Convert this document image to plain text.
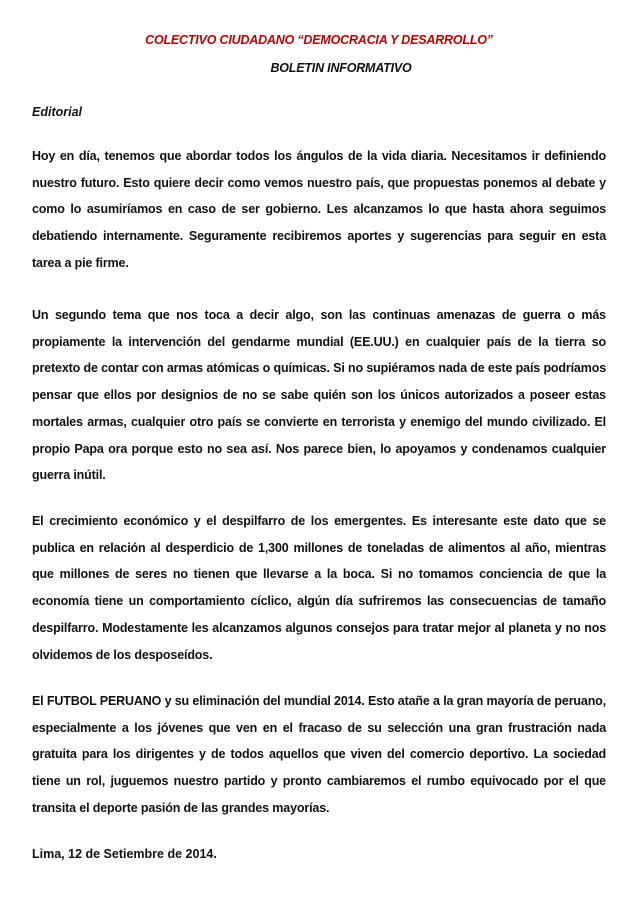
COLECTIVO CIUDADANO “DEMOCRACIA Y DESARROLLO”
BOLETIN INFORMATIVO
Editorial

Hoy en día, tenemos que abordar todos los ángulos de la vida diaria. Necesitamos ir definiendo nuestro futuro. Esto quiere decir como vemos nuestro país, que propuestas ponemos al debate y como lo asumiríamos en caso de ser gobierno. Les alcanzamos lo que hasta ahora seguimos debatiendo internamente. Seguramente recibiremos aportes y sugerencias para seguir en esta tarea a pie firme.

Un segundo tema que nos toca a decir algo, son las continuas amenazas de guerra o más propiamente la intervención del gendarme mundial (EE.UU.) en cualquier país de la tierra so pretexto de contar con armas atómicas o químicas. Si no supiéramos nada de este país podríamos pensar que ellos por designios de no se sabe quién son los únicos autorizados a poseer estas mortales armas, cualquier otro país se convierte en terrorista y enemigo del mundo civilizado. El propio Papa ora porque esto no sea así. Nos parece bien, lo apoyamos y condenamos cualquier guerra inútil.

El crecimiento económico y el despilfarro de los emergentes. Es interesante este dato que se publica en relación al desperdicio de 1,300 millones de toneladas de alimentos al año, mientras que millones de seres no tienen que llevarse a la boca. Si no tomamos conciencia de que la economía tiene un comportamiento cíclico, algún día sufriremos las consecuencias de tamaño despilfarro. Modestamente les alcanzamos algunos consejos para tratar mejor al planeta y no nos olvidemos de los desposeídos.

El FUTBOL PERUANO y su eliminación del mundial 2014. Esto atañe a la gran mayoría de peruano, especialmente a los jóvenes que ven en el fracaso de su selección una gran frustración nada gratuita para los dirigentes y de todos aquellos que viven del comercio deportivo. La sociedad tiene un rol, juguemos nuestro partido y pronto cambiaremos el rumbo equivocado por el que transita el deporte pasión de las grandes mayorías.

Lima, 12 de Setiembre de 2014.
